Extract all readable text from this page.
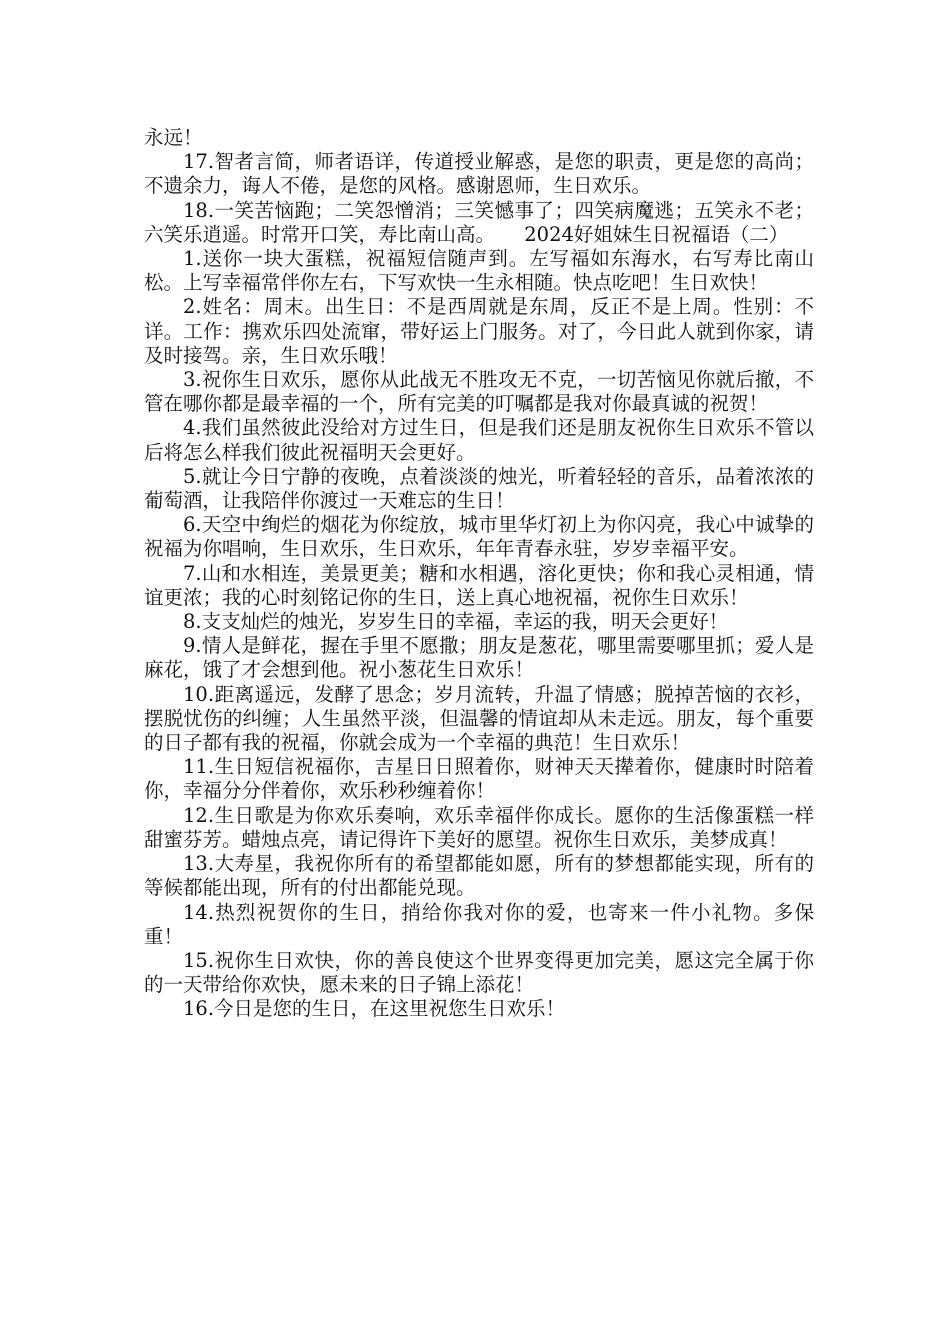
永远！

17.智者言简，师者语详，传道授业解惑，是您的职责，更是您的高尚；不遗余力，诲人不倦，是您的风格。感谢恩师，生日欢乐。

18.一笑苦恼跑；二笑怨憎消；三笑憾事了；四笑病魔逃；五笑永不老；六笑乐逍遥。时常开口笑，寿比南山高。　　2024好姐妹生日祝福语（二）

1.送你一块大蛋糕，祝福短信随声到。左写福如东海水，右写寿比南山松。上写幸福常伴你左右，下写欢快一生永相随。快点吃吧！生日欢快！

2.姓名：周末。出生日：不是西周就是东周，反正不是上周。性别：不详。工作：携欢乐四处流窜，带好运上门服务。对了，今日此人就到你家，请及时接驾。亲，生日欢乐哦！

3.祝你生日欢乐，愿你从此战无不胜攻无不克，一切苦恼见你就后撤，不管在哪你都是最幸福的一个，所有完美的叮嘱都是我对你最真诚的祝贺！

4.我们虽然彼此没给对方过生日，但是我们还是朋友祝你生日欢乐不管以后将怎么样我们彼此祝福明天会更好。

5.就让今日宁静的夜晚，点着淡淡的烛光，听着轻轻的音乐，品着浓浓的葡萄酒，让我陪伴你渡过一天难忘的生日！

6.天空中绚烂的烟花为你绽放，城市里华灯初上为你闪亮，我心中诚挚的祝福为你唱响，生日欢乐，生日欢乐，年年青春永驻，岁岁幸福平安。

7.山和水相连，美景更美；糖和水相遇，溶化更快；你和我心灵相通，情谊更浓；我的心时刻铭记你的生日，送上真心地祝福，祝你生日欢乐！

8.支支灿烂的烛光，岁岁生日的幸福，幸运的我，明天会更好！

9.情人是鲜花，握在手里不愿撒；朋友是葱花，哪里需要哪里抓；爱人是麻花，饿了才会想到他。祝小葱花生日欢乐！

10.距离遥远，发酵了思念；岁月流转，升温了情感；脱掉苦恼的衣衫，摆脱忧伤的纠缠；人生虽然平淡，但温馨的情谊却从未走远。朋友，每个重要的日子都有我的祝福，你就会成为一个幸福的典范！生日欢乐！

11.生日短信祝福你，吉星日日照着你，财神天天撵着你，健康时时陪着你，幸福分分伴着你，欢乐秒秒缠着你！

12.生日歌是为你欢乐奏响，欢乐幸福伴你成长。愿你的生活像蛋糕一样甜蜜芬芳。蜡烛点亮，请记得许下美好的愿望。祝你生日欢乐，美梦成真！

13.大寿星，我祝你所有的希望都能如愿，所有的梦想都能实现，所有的等候都能出现，所有的付出都能兑现。

14.热烈祝贺你的生日，捎给你我对你的爱，也寄来一件小礼物。多保重！

15.祝你生日欢快，你的善良使这个世界变得更加完美，愿这完全属于你的一天带给你欢快，愿未来的日子锦上添花！

16.今日是您的生日，在这里祝您生日欢乐！
